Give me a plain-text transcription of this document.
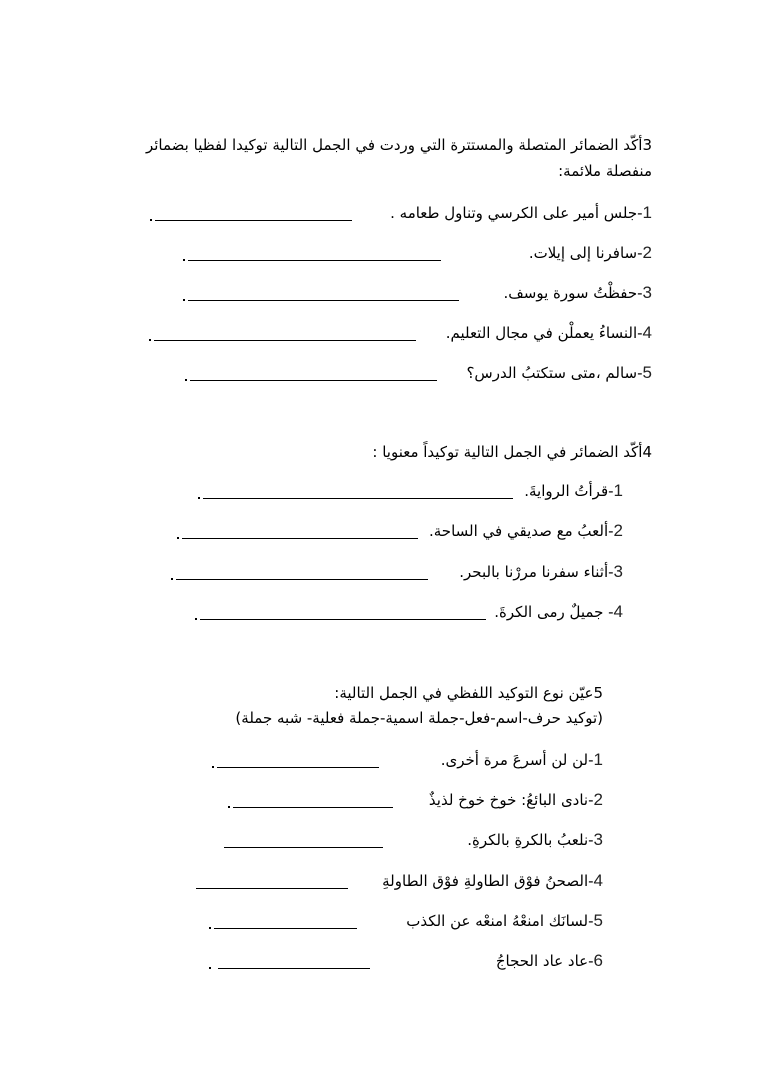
3أكّد الضمائر المتصلة والمستترة التي وردت في الجمل التالية توكيدا لفظيا بضمائر
منفصلة ملائمة:
1-جلس أمير على الكرسي وتناول طعامه .
2-سافرنا إلى إيلات.
3-حفظْتُ سورة يوسف.
4-النساءُ يعملْن في مجال التعليم.
5-سالم ،متى ستكتبُ الدرس؟
4أكّد الضمائر في الجمل التالية توكيداً معنويا :
1-قرأتُ الروايةَ.
2-ألعبُ مع صديقي في الساحة.
3-أثناء سفرنا مررْنا بالبحر.
4- جميلٌ رمى الكرةَ.
5عيّن نوع التوكيد اللفظي في الجمل التالية:
(توكيد حرف-اسم-فعل-جملة اسمية-جملة فعلية- شبه جملة)
1-لن لن أسرعَ مرة أخرى.
2-نادى البائعُ: خوخ خوخ لذيذٌ
3-نلعبُ بالكرةِ بالكرةِ.
4-الصحنُ فوْق الطاولةِ فوْق الطاولةِ
5-لسانَك امنعْهُ امنعْه عن الكذب
6-عاد عاد الحجاجُ
